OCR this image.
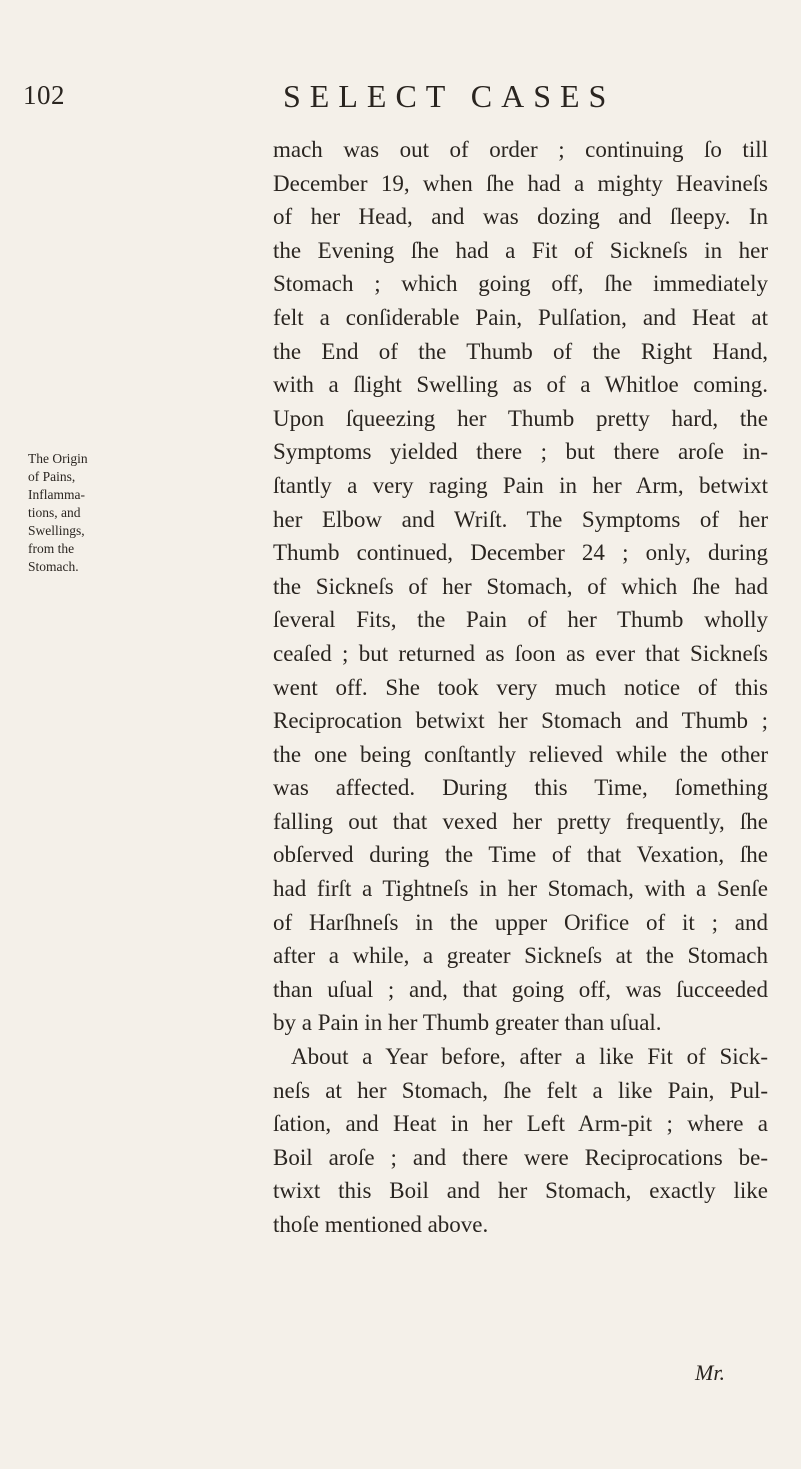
102	SELECT CASES
The Origin
of Pains,
Inflamma-
tions, and
Swellings,
from the
Stomach.
mach was out of order ; continuing ſo till
December 19, when ſhe had a mighty Heavineſs
of her Head, and was dozing and ſleepy. In
the Evening ſhe had a Fit of Sickneſs in her
Stomach ; which going off, ſhe immediately
felt a conſiderable Pain, Pulſation, and Heat at
the End of the Thumb of the Right Hand,
with a ſlight Swelling as of a Whitloe coming.
Upon ſqueezing her Thumb pretty hard, the
Symptoms yielded there ; but there aroſe in-
ſtantly a very raging Pain in her Arm, betwixt
her Elbow and Wriſt. The Symptoms of her
Thumb continued, December 24 ; only, during
the Sickneſs of her Stomach, of which ſhe had
ſeveral Fits, the Pain of her Thumb wholly
ceaſed ; but returned as ſoon as ever that Sickneſs
went off. She took very much notice of this
Reciprocation betwixt her Stomach and Thumb ;
the one being conſtantly relieved while the other
was affected. During this Time, ſomething
falling out that vexed her pretty frequently, ſhe
obſerved during the Time of that Vexation, ſhe
had firſt a Tightneſs in her Stomach, with a Senſe
of Harſhneſs in the upper Orifice of it ; and
after a while, a greater Sickneſs at the Stomach
than uſual ; and, that going off, was ſucceeded
by a Pain in her Thumb greater than uſual.
About a Year before, after a like Fit of Sick-
neſs at her Stomach, ſhe felt a like Pain, Pul-
ſation, and Heat in her Left Arm-pit ; where a
Boil aroſe ; and there were Reciprocations be-
twixt this Boil and her Stomach, exactly like
thoſe mentioned above.
Mr.
